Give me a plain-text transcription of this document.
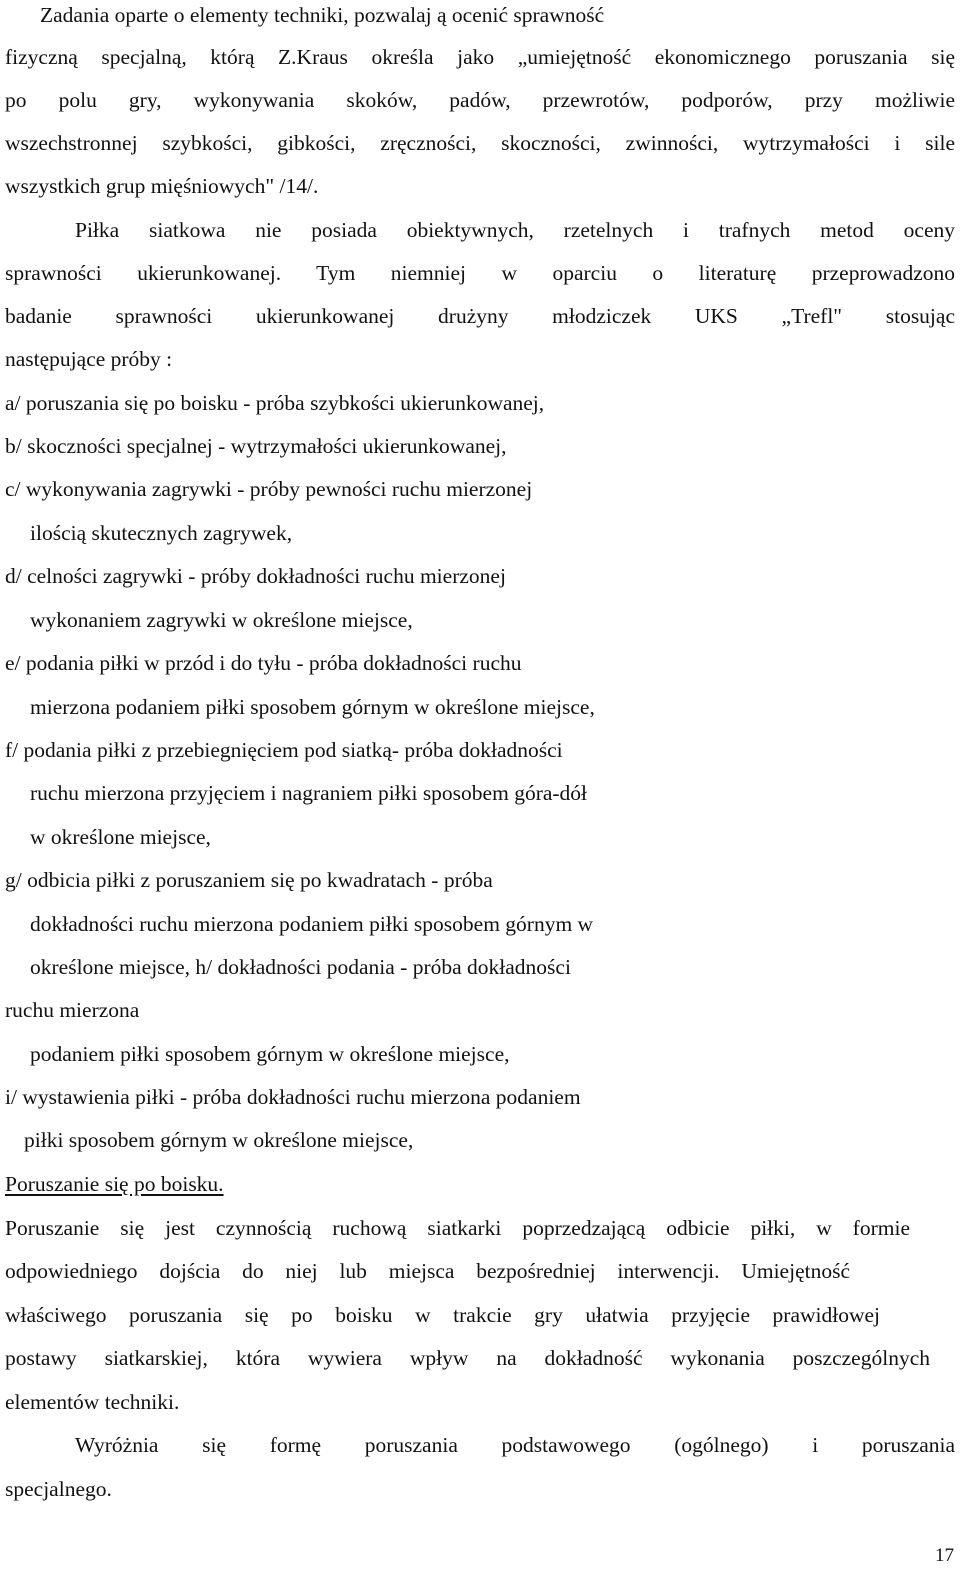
Zadania oparte o elementy techniki, pozwalaj ą ocenić sprawność
fizyczną specjalną, którą Z.Kraus określa jako „umiejętność ekonomicznego poruszania się
po polu gry, wykonywania skoków, padów, przewrotów, podporów, przy możliwie
wszechstronnej szybkości, gibkości, zręczności, skoczności, zwinności, wytrzymałości i sile
wszystkich grup mięśniowych" /14/.
Piłka siatkowa nie posiada obiektywnych, rzetelnych i trafnych metod oceny
sprawności ukierunkowanej. Tym niemniej w oparciu o literaturę przeprowadzono
badanie sprawności ukierunkowanej drużyny młodziczek UKS „Trefl" stosując
następujące próby :
a/ poruszania się po boisku - próba szybkości ukierunkowanej,
b/ skoczności specjalnej - wytrzymałości ukierunkowanej,
c/ wykonywania zagrywki - próby pewności ruchu mierzonej
ilością skutecznych zagrywek,
d/ celności zagrywki - próby dokładności ruchu mierzonej
wykonaniem zagrywki w określone miejsce,
e/ podania piłki w przód i do tyłu - próba dokładności ruchu
mierzona podaniem piłki sposobem górnym w określone miejsce,
f/ podania piłki z przebiegnięciem pod siatką- próba dokładności
ruchu mierzona przyjęciem i nagraniem piłki sposobem góra-dół
w określone miejsce,
g/ odbicia piłki z poruszaniem się po kwadratach - próba
dokładności ruchu mierzona podaniem piłki sposobem górnym w
określone miejsce, h/ dokładności podania - próba dokładności
ruchu mierzona
podaniem piłki sposobem górnym w określone miejsce,
i/ wystawienia piłki - próba dokładności ruchu mierzona podaniem
piłki sposobem górnym w określone miejsce,
Poruszanie się po boisku.
Poruszanie się jest czynnością ruchową siatkarki poprzedzającą odbicie piłki, w formie
odpowiedniego dojścia do niej lub miejsca bezpośredniej interwencji. Umiejętność
właściwego poruszania się po boisku w trakcie gry ułatwia przyjęcie prawidłowej
postawy siatkarskiej, która wywiera wpływ na dokładność wykonania poszczególnych
elementów techniki.
Wyróżnia się formę poruszania podstawowego (ogólnego) i poruszania
specjalnego.
17
